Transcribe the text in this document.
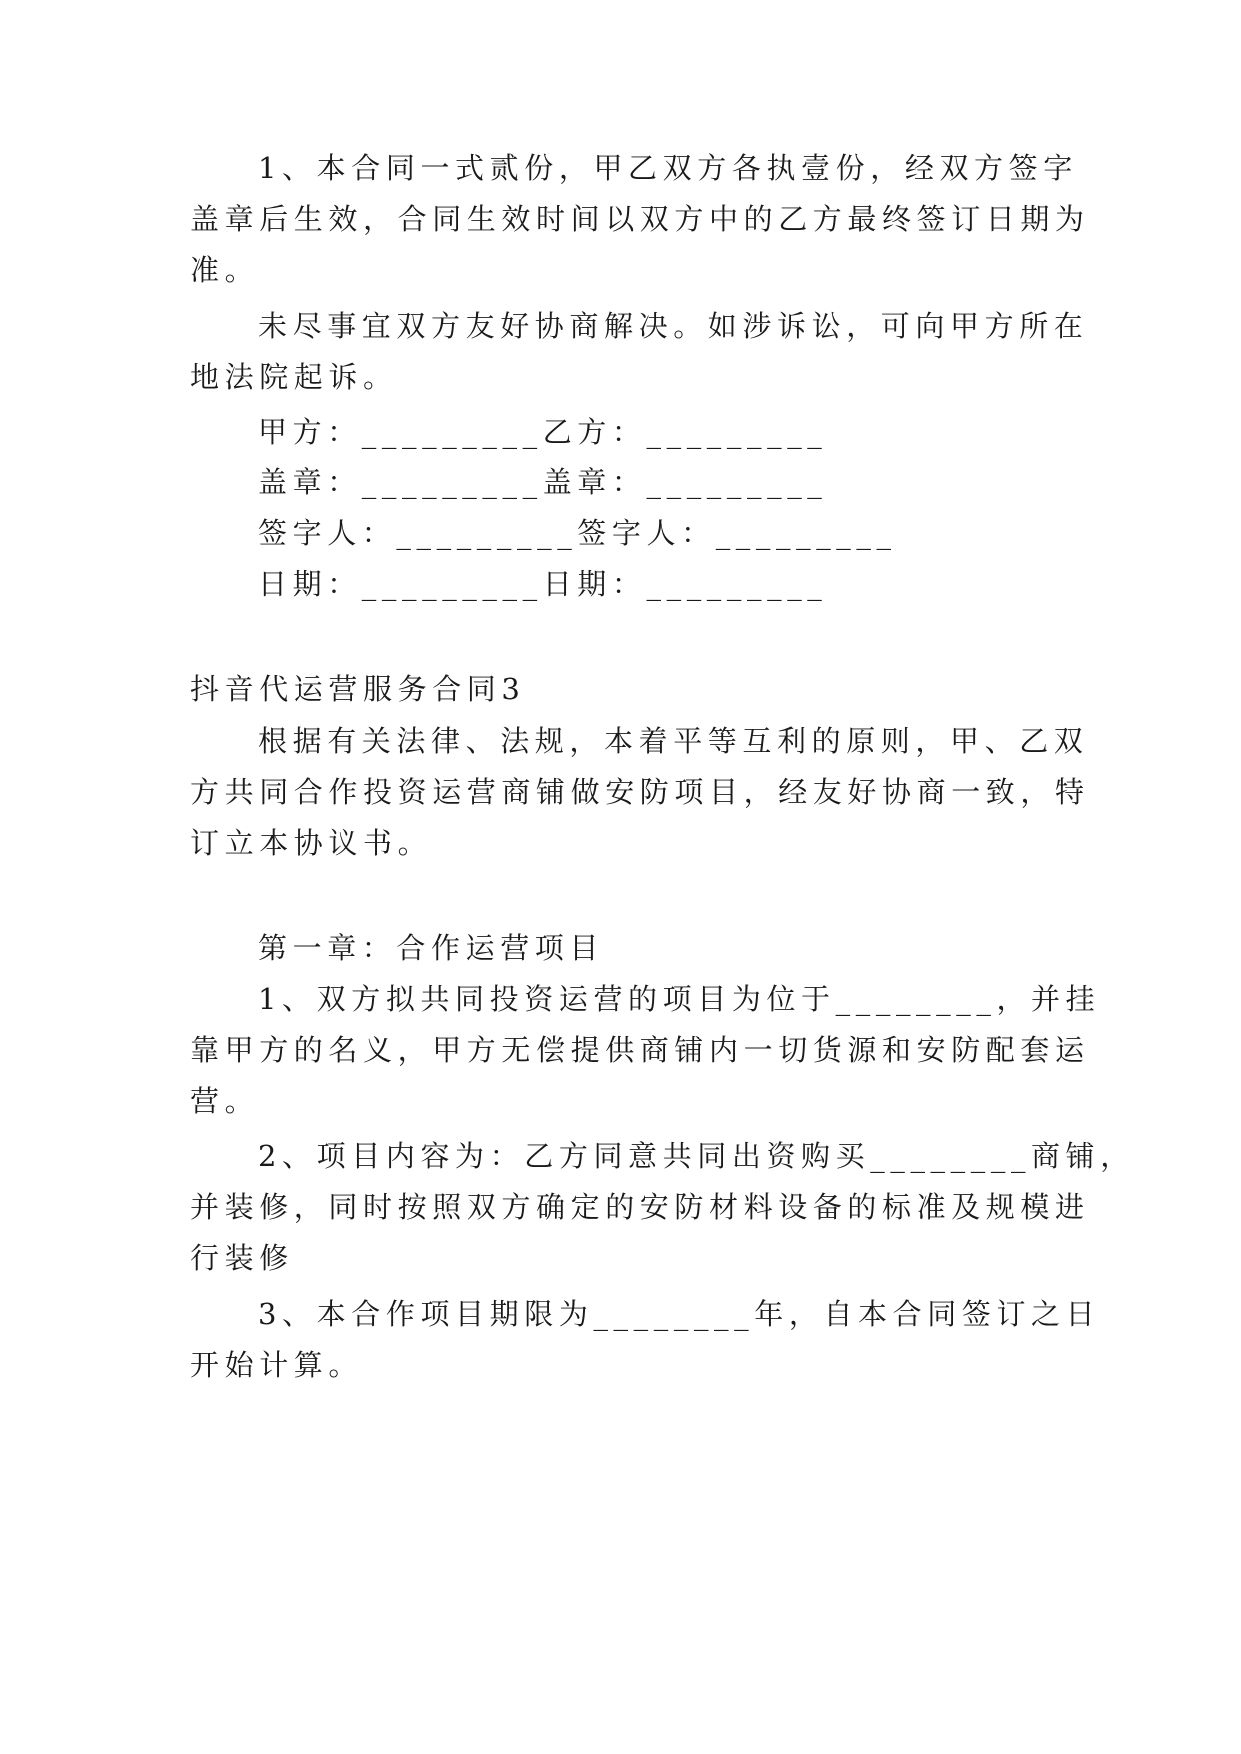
1、本合同一式贰份，甲乙双方各执壹份，经双方签字
盖章后生效，合同生效时间以双方中的乙方最终签订日期为
准。
未尽事宜双方友好协商解决。如涉诉讼，可向甲方所在
地法院起诉。
甲方：_________乙方：_________
盖章：_________盖章：_________
签字人：_________签字人：_________
日期：_________日期：_________
抖音代运营服务合同3
根据有关法律、法规，本着平等互利的原则，甲、乙双
方共同合作投资运营商铺做安防项目，经友好协商一致，特
订立本协议书。
第一章：合作运营项目
1、双方拟共同投资运营的项目为位于________，并挂
靠甲方的名义，甲方无偿提供商铺内一切货源和安防配套运
营。
2、项目内容为：乙方同意共同出资购买________商铺，
并装修，同时按照双方确定的安防材料设备的标准及规模进
行装修
3、本合作项目期限为________年，自本合同签订之日
开始计算。
